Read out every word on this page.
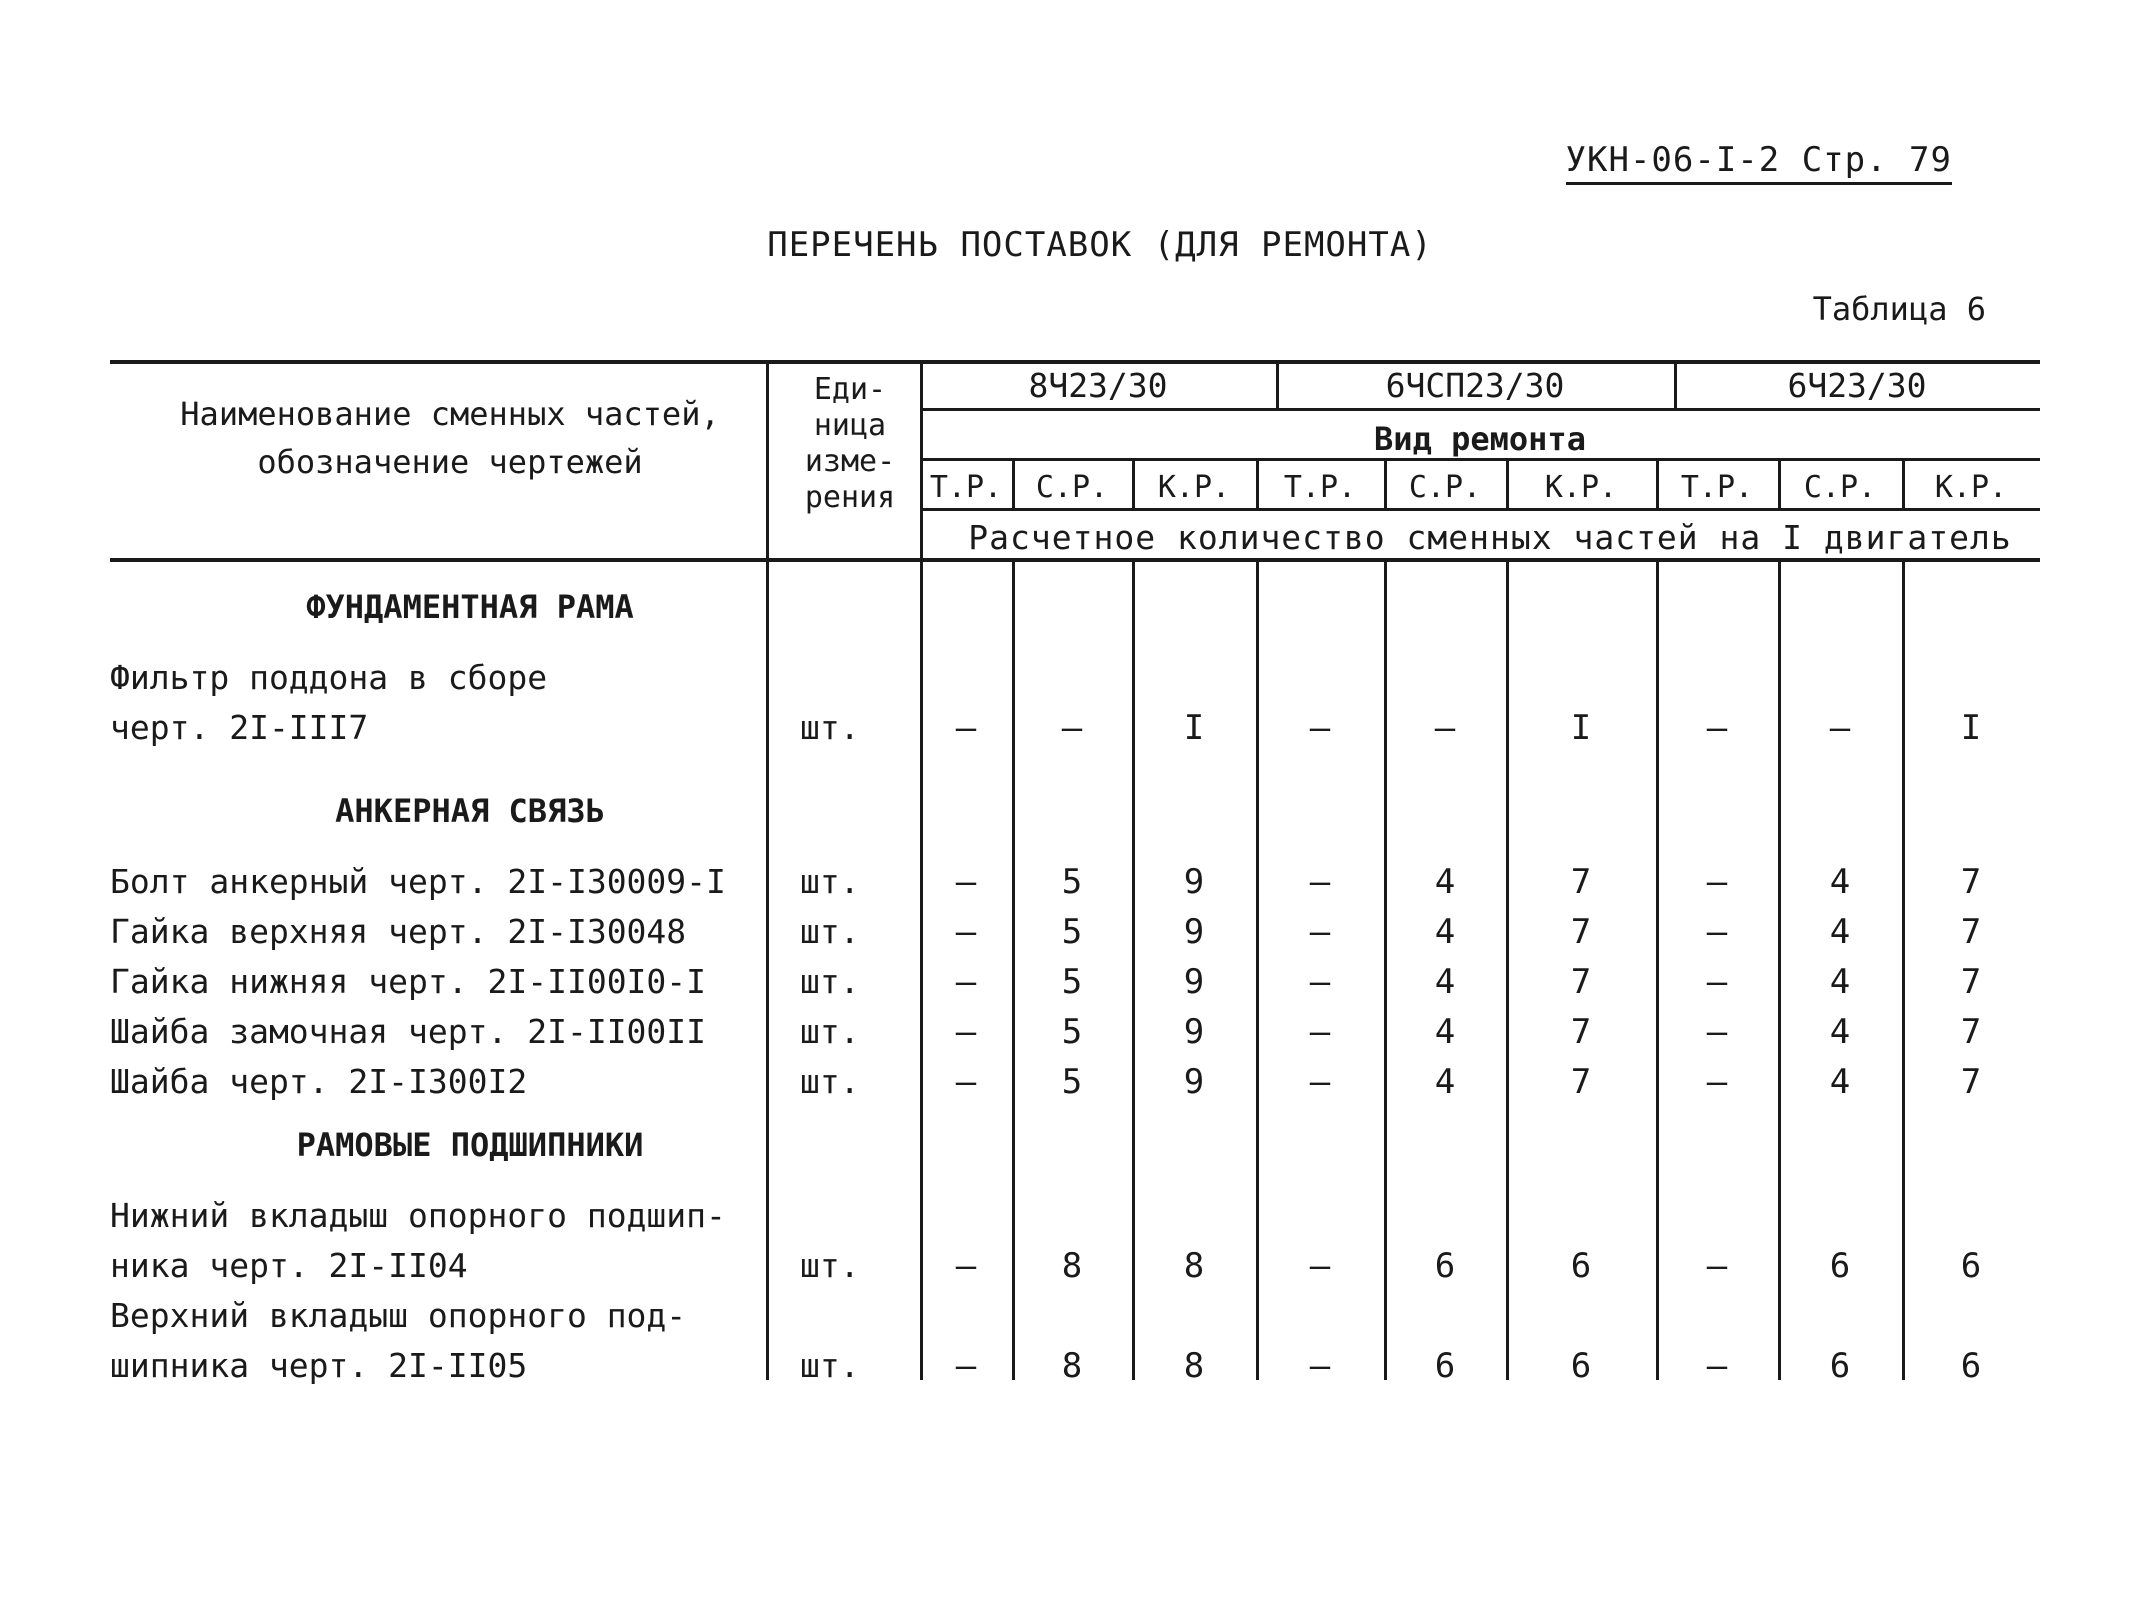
УКН-06-I-2 Стр. 79
ПЕРЕЧЕНЬ ПОСТАВОК (ДЛЯ РЕМОНТА)
Таблица 6
Наименование сменных частей,
обозначение чертежей
Еди-
ница
изме-
рения
8Ч23/30	6ЧСП23/30	6Ч23/30
Вид ремонта
Т.Р.	С.Р.	К.Р.	Т.Р.	С.Р.	К.Р.	Т.Р.	С.Р.	К.Р.
Расчетное количество сменных частей на I двигатель
ФУНДАМЕНТНАЯ РАМА
Фильтр поддона в сборе
черт. 2I-III7	шт.	–	–	I	–	–	I	–	–	I
АНКЕРНАЯ СВЯЗЬ
Болт анкерный черт. 2I-I30009-I шт.	–	5	9	–	4	7	–	4	7
Гайка верхняя черт. 2I-I30048	шт.	–	5	9	–	4	7	–	4	7
Гайка нижняя черт. 2I-II00I0-I	шт.	–	5	9	–	4	7	–	4	7
Шайба замочная черт. 2I-II00II	шт.	–	5	9	–	4	7	–	4	7
Шайба черт. 2I-I300I2	шт.	–	5	9	–	4	7	–	4	7
РАМОВЫЕ ПОДШИПНИКИ
Нижний вкладыш опорного подшип-
ника черт. 2I-II04	шт.	–	8	8	–	6	6	–	6	6
Верхний вкладыш опорного под-
шипника черт. 2I-II05	шт.	–	8	8	–	6	6	–	6	6
